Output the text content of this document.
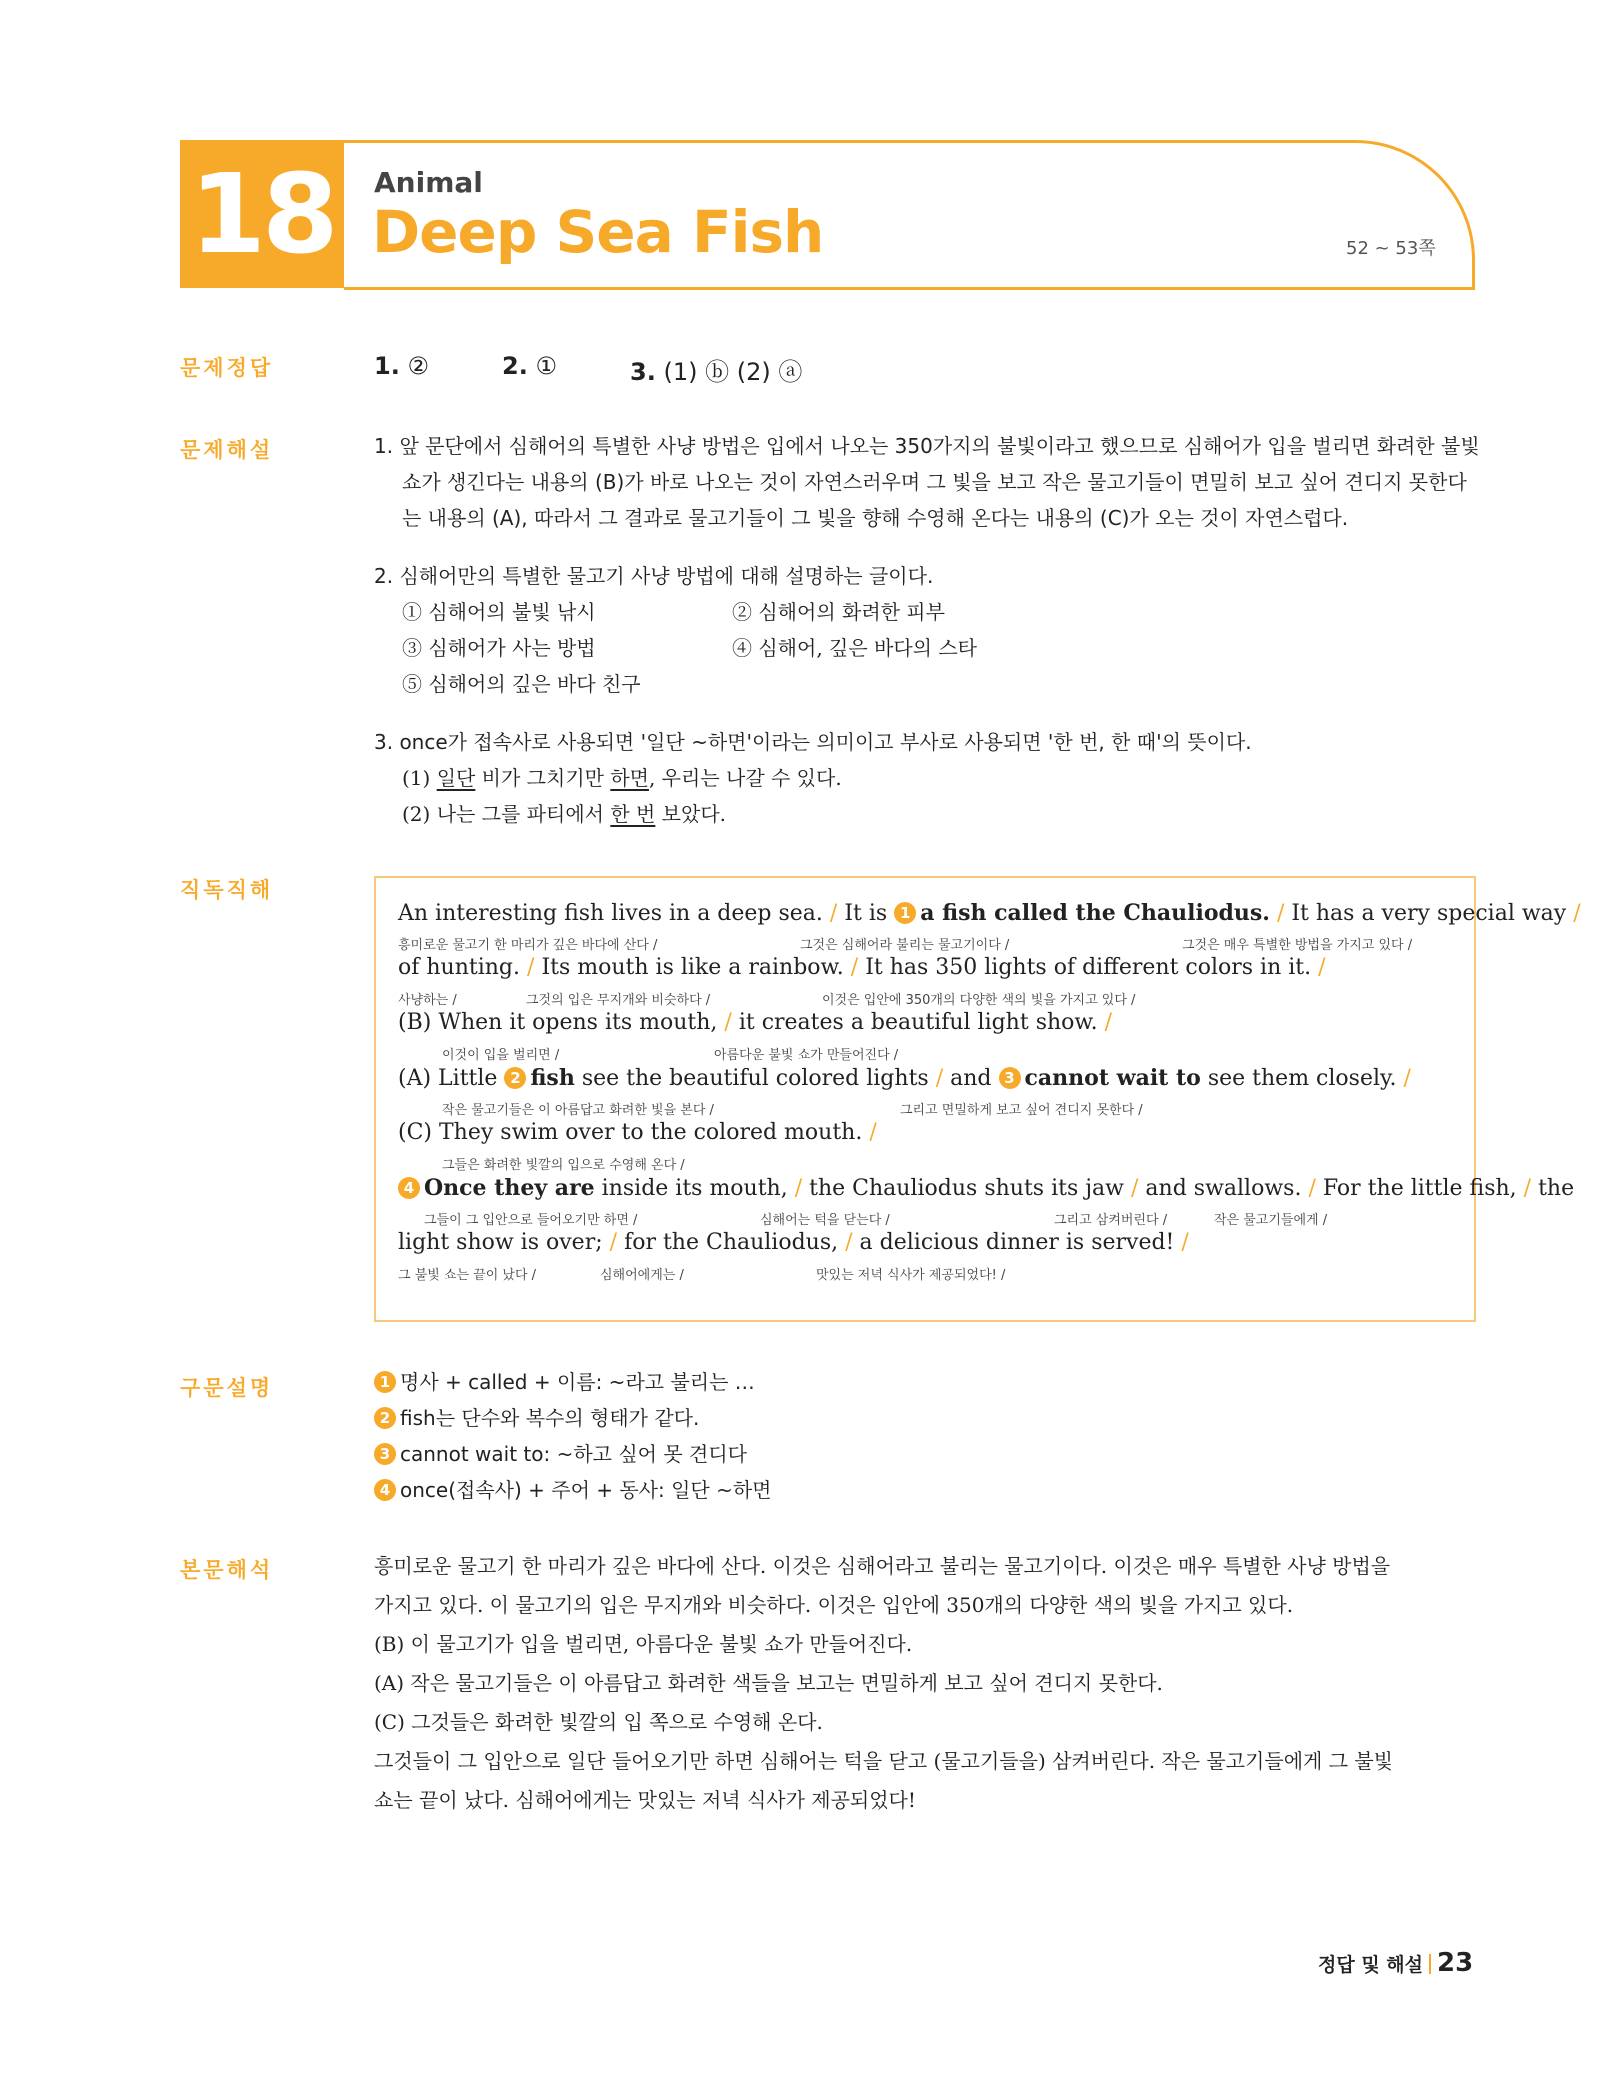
18	Animal
Deep Sea Fish	52 ~ 53쪽
문제정답	1. ②	2. ①	3. (1) ⓑ (2) ⓐ
문제해설	1. 앞 문단에서 심해어의 특별한 사냥 방법은 입에서 나오는 350가지의 불빛이라고 했으므로 심해어가 입을 벌리면 화려한 불빛
쇼가 생긴다는 내용의 (B)가 바로 나오는 것이 자연스러우며 그 빛을 보고 작은 물고기들이 면밀히 보고 싶어 견디지 못한다
는 내용의 (A), 따라서 그 결과로 물고기들이 그 빛을 향해 수영해 온다는 내용의 (C)가 오는 것이 자연스럽다.
2. 심해어만의 특별한 물고기 사냥 방법에 대해 설명하는 글이다.
① 심해어의 불빛 낚시	② 심해어의 화려한 피부
③ 심해어가 사는 방법	④ 심해어, 깊은 바다의 스타
⑤ 심해어의 깊은 바다 친구
3. once가 접속사로 사용되면 '일단 ~하면'이라는 의미이고 부사로 사용되면 '한 번, 한 때'의 뜻이다.
(1) 일단 비가 그치기만 하면, 우리는 나갈 수 있다.
(2) 나는 그를 파티에서 한 번 보았다.
직독직해
An interesting fish lives in a deep sea. / It is 1 a fish called the Chauliodus. / It has a very special way /
흥미로운 물고기 한 마리가 깊은 바다에 산다 /	그것은 심해어라 불리는 물고기이다 /	그것은 매우 특별한 방법을 가지고 있다 /
of hunting. / Its mouth is like a rainbow. / It has 350 lights of different colors in it. /
사냥하는 /	그것의 입은 무지개와 비슷하다 /	이것은 입안에 350개의 다양한 색의 빛을 가지고 있다 /
(B) When it opens its mouth, / it creates a beautiful light show. /
이것이 입을 벌리면 /	아름다운 불빛 쇼가 만들어진다 /
(A) Little 2 fish see the beautiful colored lights / and 3 cannot wait to see them closely. /
작은 물고기들은 이 아름답고 화려한 빛을 본다 /	그리고 면밀하게 보고 싶어 견디지 못한다 /
(C) They swim over to the colored mouth. /
그들은 화려한 빛깔의 입으로 수영해 온다 /
4 Once they are inside its mouth, / the Chauliodus shuts its jaw / and swallows. / For the little fish, / the
그들이 그 입안으로 들어오기만 하면 /	심해어는 턱을 닫는다 /	그리고 삼켜버린다 /	작은 물고기들에게 /
light show is over; / for the Chauliodus, / a delicious dinner is served! /
그 불빛 쇼는 끝이 났다 /	심해어에게는 /	맛있는 저녁 식사가 제공되었다! /
구문설명	1 명사 + called + 이름: ~라고 불리는 …
2 fish는 단수와 복수의 형태가 같다.
3 cannot wait to: ~하고 싶어 못 견디다
4 once(접속사) + 주어 + 동사: 일단 ~하면
본문해석	흥미로운 물고기 한 마리가 깊은 바다에 산다. 이것은 심해어라고 불리는 물고기이다. 이것은 매우 특별한 사냥 방법을
가지고 있다. 이 물고기의 입은 무지개와 비슷하다. 이것은 입안에 350개의 다양한 색의 빛을 가지고 있다.
(B) 이 물고기가 입을 벌리면, 아름다운 불빛 쇼가 만들어진다.
(A) 작은 물고기들은 이 아름답고 화려한 색들을 보고는 면밀하게 보고 싶어 견디지 못한다.
(C) 그것들은 화려한 빛깔의 입 쪽으로 수영해 온다.
그것들이 그 입안으로 일단 들어오기만 하면 심해어는 턱을 닫고 (물고기들을) 삼켜버린다. 작은 물고기들에게 그 불빛
쇼는 끝이 났다. 심해어에게는 맛있는 저녁 식사가 제공되었다!
정답 및 해설 23
